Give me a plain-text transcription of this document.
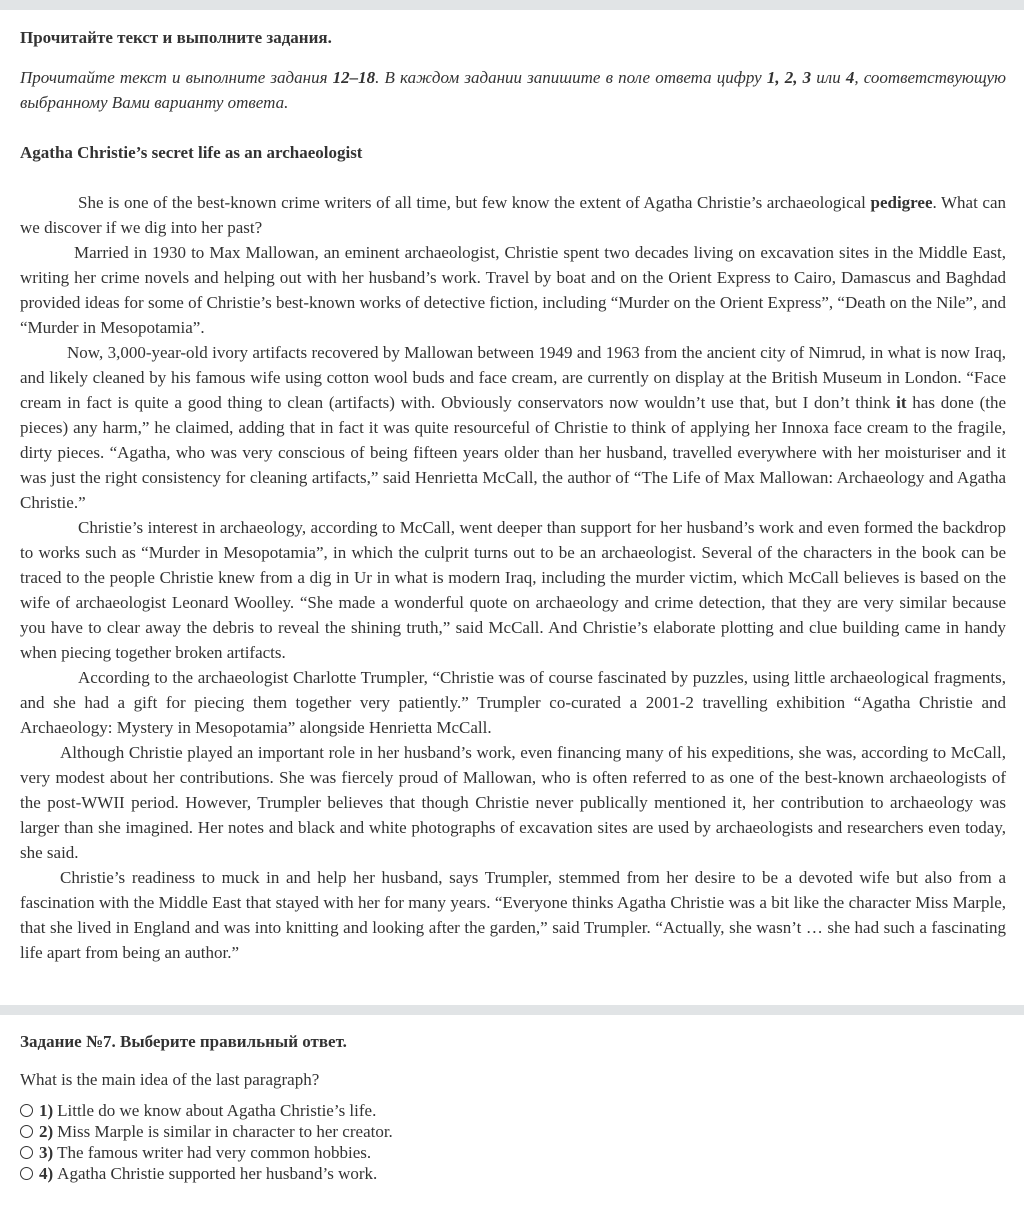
Прочитайте текст и выполните задания.
Прочитайте текст и выполните задания 12–18. В каждом задании запишите в поле ответа цифру 1, 2, 3 или 4, соответствующую выбранному Вами варианту ответа.
Agatha Christie’s secret life as an archaeologist

She is one of the best-known crime writers of all time, but few know the extent of Agatha Christie’s archaeological pedigree. What can we discover if we dig into her past?

Married in 1930 to Max Mallowan, an eminent archaeologist, Christie spent two decades living on excavation sites in the Middle East, writing her crime novels and helping out with her husband’s work. Travel by boat and on the Orient Express to Cairo, Damascus and Baghdad provided ideas for some of Christie’s best-known works of detective fiction, including “Murder on the Orient Express”, “Death on the Nile”, and “Murder in Mesopotamia”.

Now, 3,000-year-old ivory artifacts recovered by Mallowan between 1949 and 1963 from the ancient city of Nimrud, in what is now Iraq, and likely cleaned by his famous wife using cotton wool buds and face cream, are currently on display at the British Museum in London. “Face cream in fact is quite a good thing to clean (artifacts) with. Obviously conservators now wouldn’t use that, but I don’t think it has done (the pieces) any harm,” he claimed, adding that in fact it was quite resourceful of Christie to think of applying her Innoxa face cream to the fragile, dirty pieces. “Agatha, who was very conscious of being fifteen years older than her husband, travelled everywhere with her moisturiser and it was just the right consistency for cleaning artifacts,” said Henrietta McCall, the author of “The Life of Max Mallowan: Archaeology and Agatha Christie.”

Christie’s interest in archaeology, according to McCall, went deeper than support for her husband’s work and even formed the backdrop to works such as “Murder in Mesopotamia”, in which the culprit turns out to be an archaeologist. Several of the characters in the book can be traced to the people Christie knew from a dig in Ur in what is modern Iraq, including the murder victim, which McCall believes is based on the wife of archaeologist Leonard Woolley. “She made a wonderful quote on archaeology and crime detection, that they are very similar because you have to clear away the debris to reveal the shining truth,” said McCall. And Christie’s elaborate plotting and clue building came in handy when piecing together broken artifacts.

According to the archaeologist Charlotte Trumpler, “Christie was of course fascinated by puzzles, using little archaeological fragments, and she had a gift for piecing them together very patiently.” Trumpler co-curated a 2001-2 travelling exhibition “Agatha Christie and Archaeology: Mystery in Mesopotamia” alongside Henrietta McCall.

Although Christie played an important role in her husband’s work, even financing many of his expeditions, she was, according to McCall, very modest about her contributions. She was fiercely proud of Mallowan, who is often referred to as one of the best-known archaeologists of the post-WWII period. However, Trumpler believes that though Christie never publically mentioned it, her contribution to archaeology was larger than she imagined. Her notes and black and white photographs of excavation sites are used by archaeologists and researchers even today, she said.

Christie’s readiness to muck in and help her husband, says Trumpler, stemmed from her desire to be a devoted wife but also from a fascination with the Middle East that stayed with her for many years. “Everyone thinks Agatha Christie was a bit like the character Miss Marple, that she lived in England and was into knitting and looking after the garden,” said Trumpler. “Actually, she wasn’t … she had such a fascinating life apart from being an author.”

Задание №7. Выберите правильный ответ.
What is the main idea of the last paragraph?
1) Little do we know about Agatha Christie’s life.
2) Miss Marple is similar in character to her creator.
3) The famous writer had very common hobbies.
4) Agatha Christie supported her husband’s work.
